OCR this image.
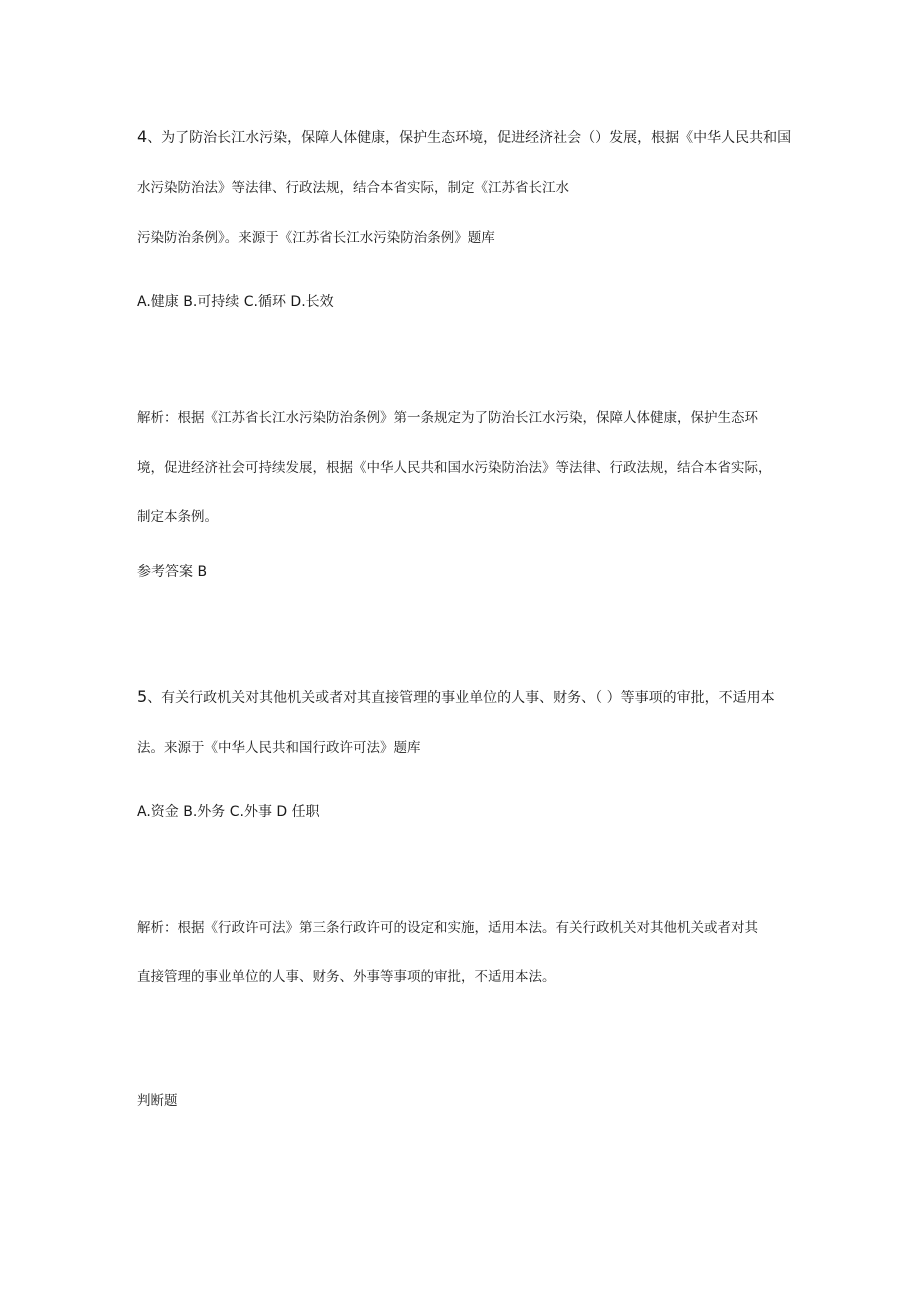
4、为了防治长江水污染，保障人体健康，保护生态环境，促进经济社会（）发展，根据《中华人民共和国
水污染防治法》等法律、行政法规，结合本省实际，制定《江苏省长江水
污染防治条例》。来源于《江苏省长江水污染防治条例》题库
A.健康 B.可持续 C.循环 D.长效
解析：根据《江苏省长江水污染防治条例》第一条规定为了防治长江水污染，保障人体健康，保护生态环
境，促进经济社会可持续发展，根据《中华人民共和国水污染防治法》等法律、行政法规，结合本省实际，
制定本条例。
参考答案 B
5、有关行政机关对其他机关或者对其直接管理的事业单位的人事、财务、（ ）等事项的审批，不适用本
法。来源于《中华人民共和国行政许可法》题库
A.资金 B.外务 C.外事 D 任职
解析：根据《行政许可法》第三条行政许可的设定和实施，适用本法。有关行政机关对其他机关或者对其
直接管理的事业单位的人事、财务、外事等事项的审批，不适用本法。
判断题
